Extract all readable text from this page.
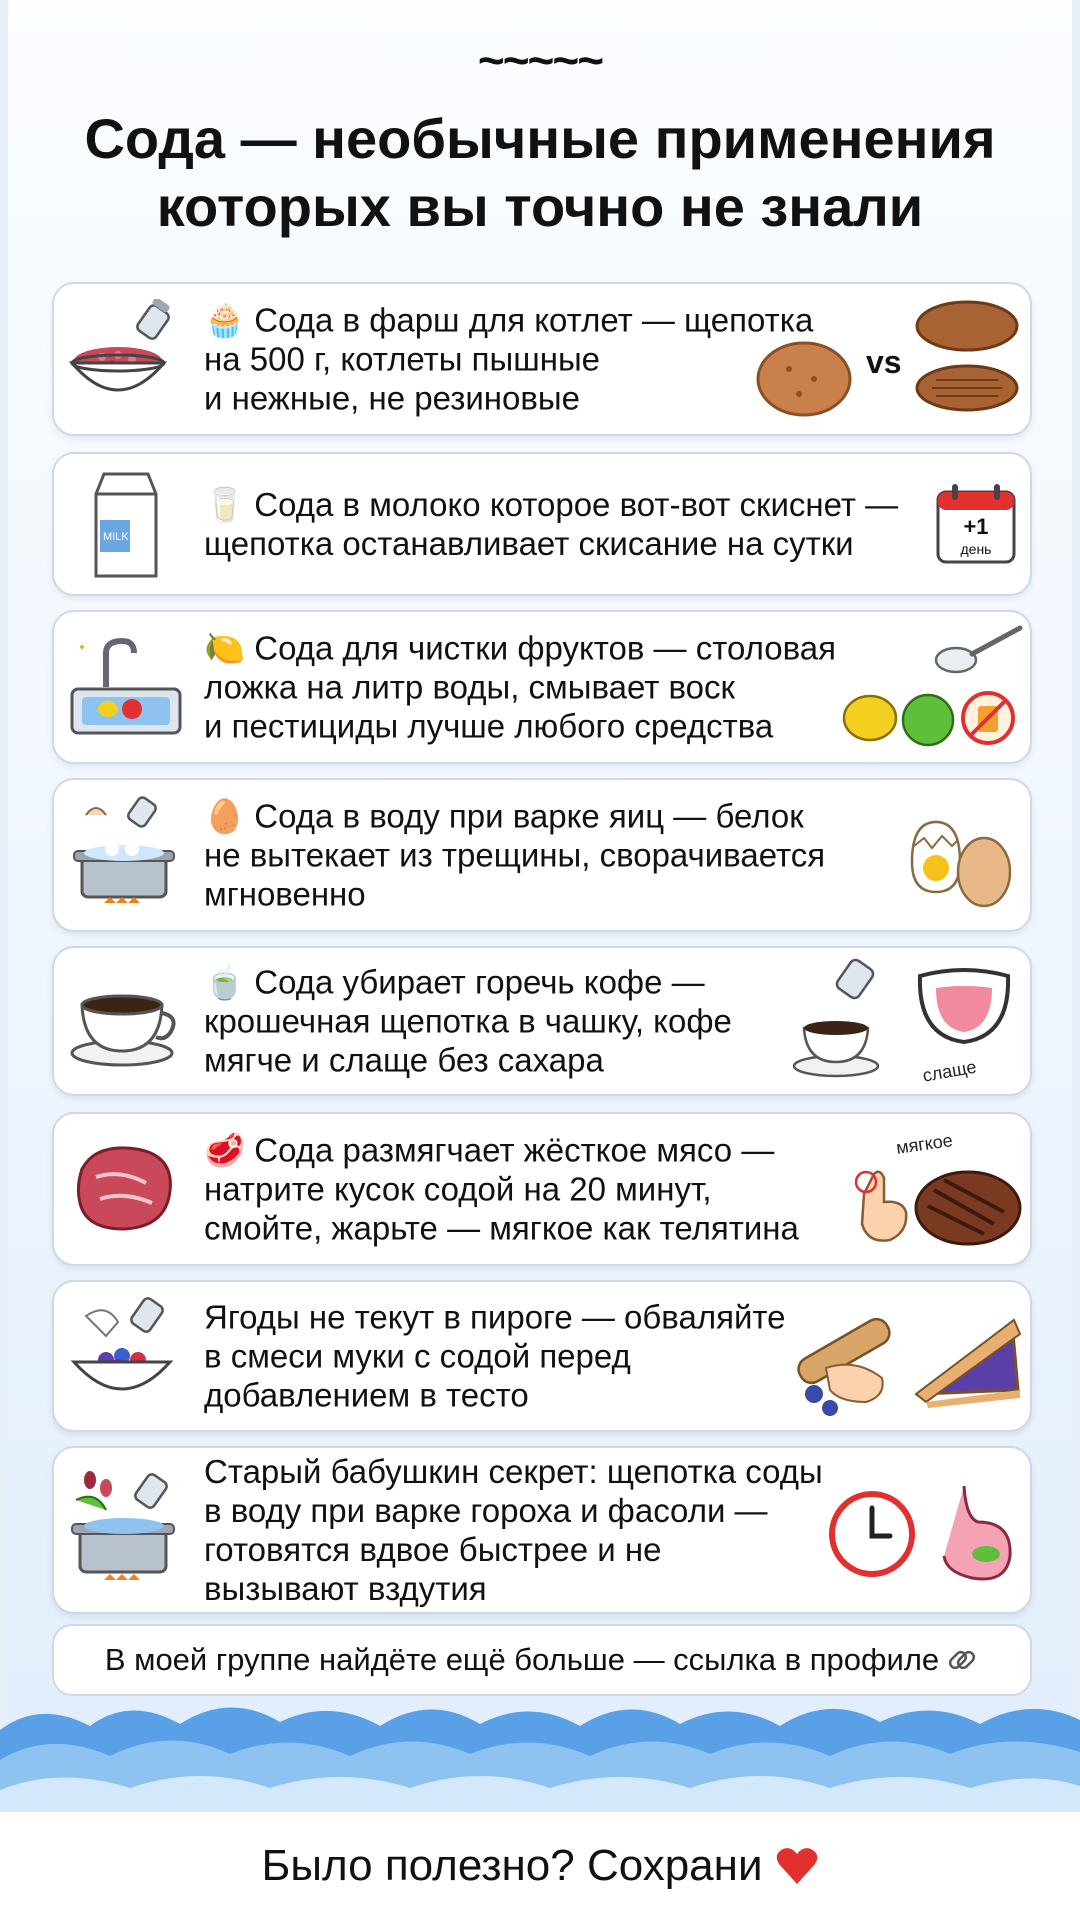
~~~~~
Сода — необычные применения
которых вы точно не знали
🧁 Сода в фарш для котлет — щепотка
на 500 г, котлеты пышные
и нежные, не резиновые
vs
MILK
🥛 Сода в молоко которое вот-вот скиснет —
щепотка останавливает скисание на сутки	+1
день
🍋 Сода для чистки фруктов — столовая
ложка на литр воды, смывает воск
и пестициды лучше любого средства
🥚 Сода в воду при варке яиц — белок
не вытекает из трещины, сворачивается
мгновенно
🍵 Сода убирает горечь кофе —
крошечная щепотка в чашку, кофе
мягче и слаще без сахара	слаще
🥩 Сода размягчает жёсткое мясо —
натрите кусок содой на 20 минут,
смойте, жарьте — мягкое как телятина
мягкое
Ягоды не текут в пироге — обваляйте
в смеси муки с содой перед
добавлением в тесто
Старый бабушкин секрет: щепотка соды
в воду при варке гороха и фасоли —
готовятся вдвое быстрее и не
вызывают вздутия
В моей группе найдёте ещё больше — ссылка в профиле
Было полезно? Сохрани
